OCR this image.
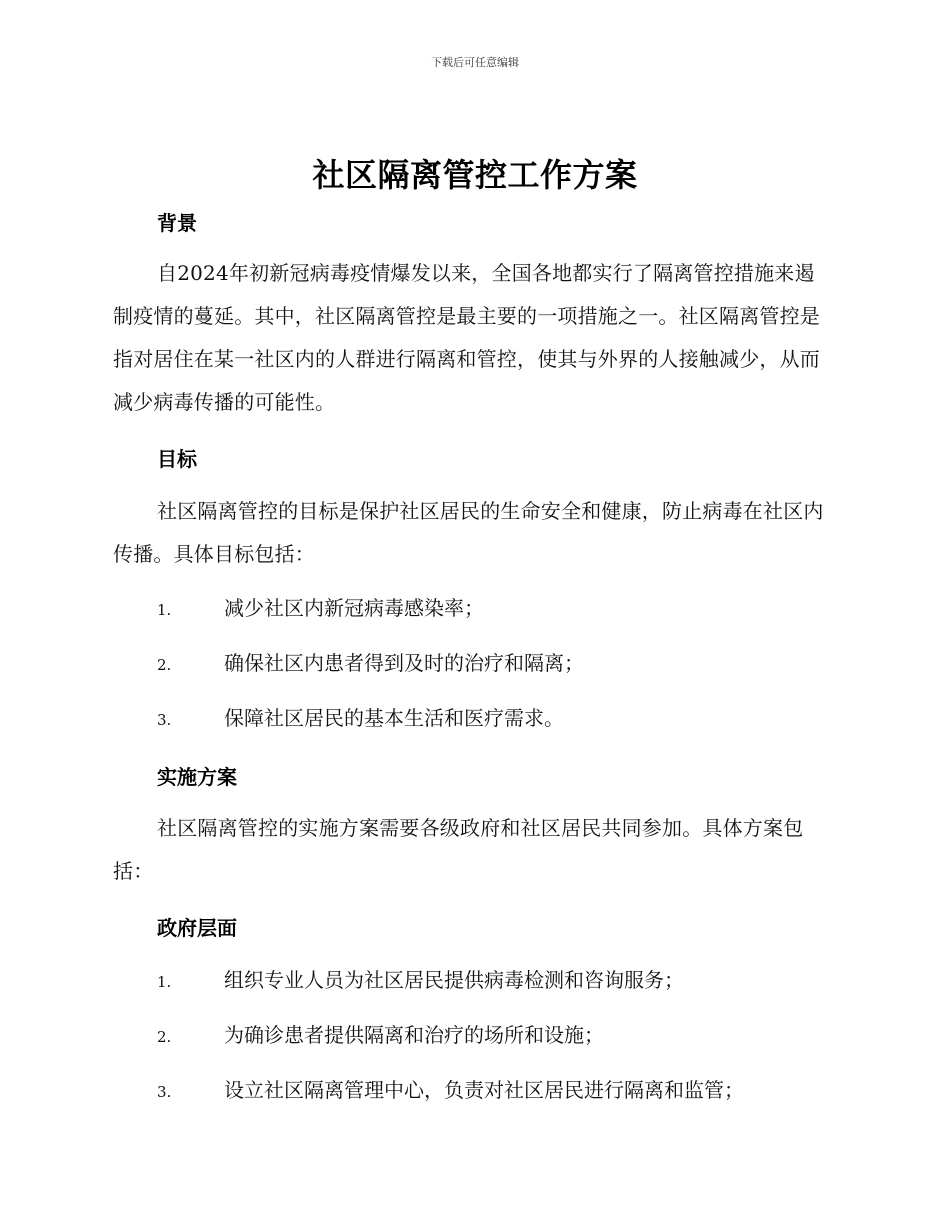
下载后可任意编辑
社区隔离管控工作方案
背景

自2024年初新冠病毒疫情爆发以来，全国各地都实行了隔离管控措施来遏制疫情的蔓延。其中，社区隔离管控是最主要的一项措施之一。社区隔离管控是指对居住在某一社区内的人群进行隔离和管控，使其与外界的人接触减少，从而减少病毒传播的可能性。

目标

社区隔离管控的目标是保护社区居民的生命安全和健康，防止病毒在社区内传播。具体目标包括：

1.	减少社区内新冠病毒感染率；
2.	确保社区内患者得到及时的治疗和隔离；
3.	保障社区居民的基本生活和医疗需求。
实施方案

社区隔离管控的实施方案需要各级政府和社区居民共同参加。具体方案包括：

政府层面
1.	组织专业人员为社区居民提供病毒检测和咨询服务；
2.	为确诊患者提供隔离和治疗的场所和设施；
3.	设立社区隔离管理中心，负责对社区居民进行隔离和监管；
